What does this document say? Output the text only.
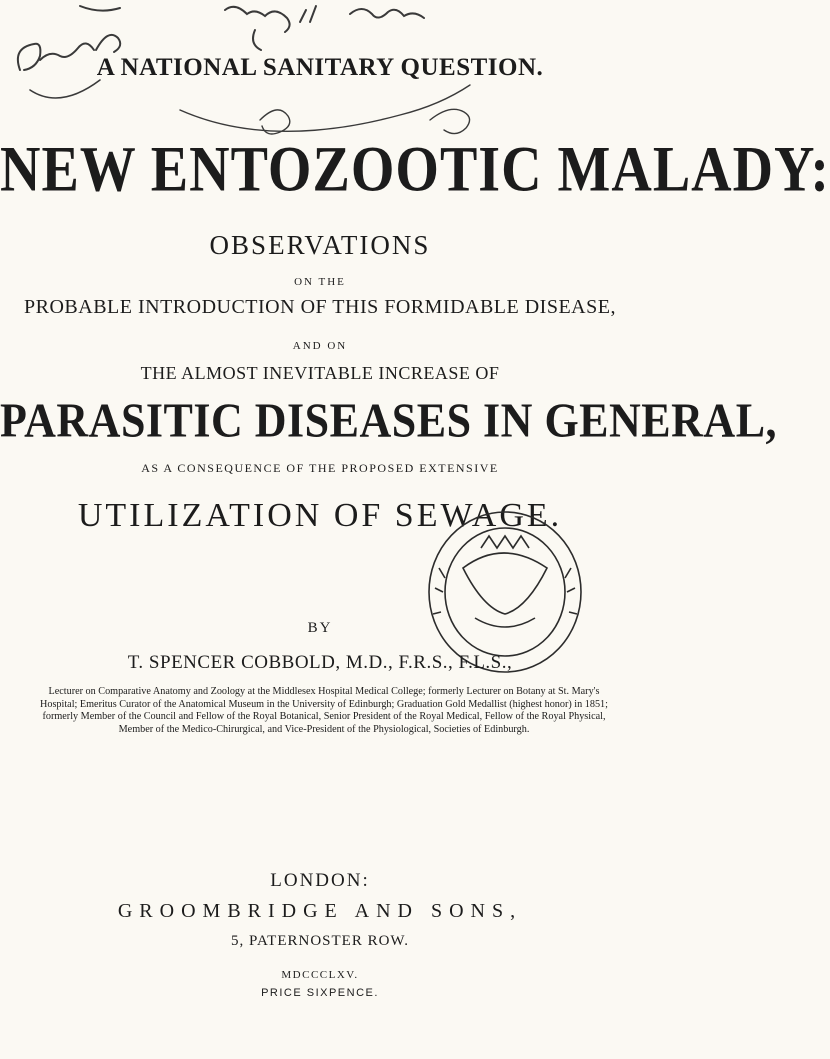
A NATIONAL SANITARY QUESTION.
NEW ENTOZOOTIC MALADY:
OBSERVATIONS
ON THE
PROBABLE INTRODUCTION OF THIS FORMIDABLE DISEASE,
AND ON
THE ALMOST INEVITABLE INCREASE OF
PARASITIC DISEASES IN GENERAL,
AS A CONSEQUENCE OF THE PROPOSED EXTENSIVE
UTILIZATION OF SEWAGE.
BY
T. SPENCER COBBOLD, M.D., F.R.S., F.L.S.,
Lecturer on Comparative Anatomy and Zoology at the Middlesex Hospital Medical College; formerly Lecturer on Botany at St. Mary's Hospital; Emeritus Curator of the Anatomical Museum in the University of Edinburgh; Graduation Gold Medallist (highest honor) in 1851; formerly Member of the Council and Fellow of the Royal Botanical, Senior President of the Royal Medical, Fellow of the Royal Physical, Member of the Medico-Chirurgical, and Vice-President of the Physiological, Societies of Edinburgh.
LONDON:
GROOMBRIDGE AND SONS,
5, PATERNOSTER ROW.
MDCCCLXV.
PRICE SIXPENCE.
